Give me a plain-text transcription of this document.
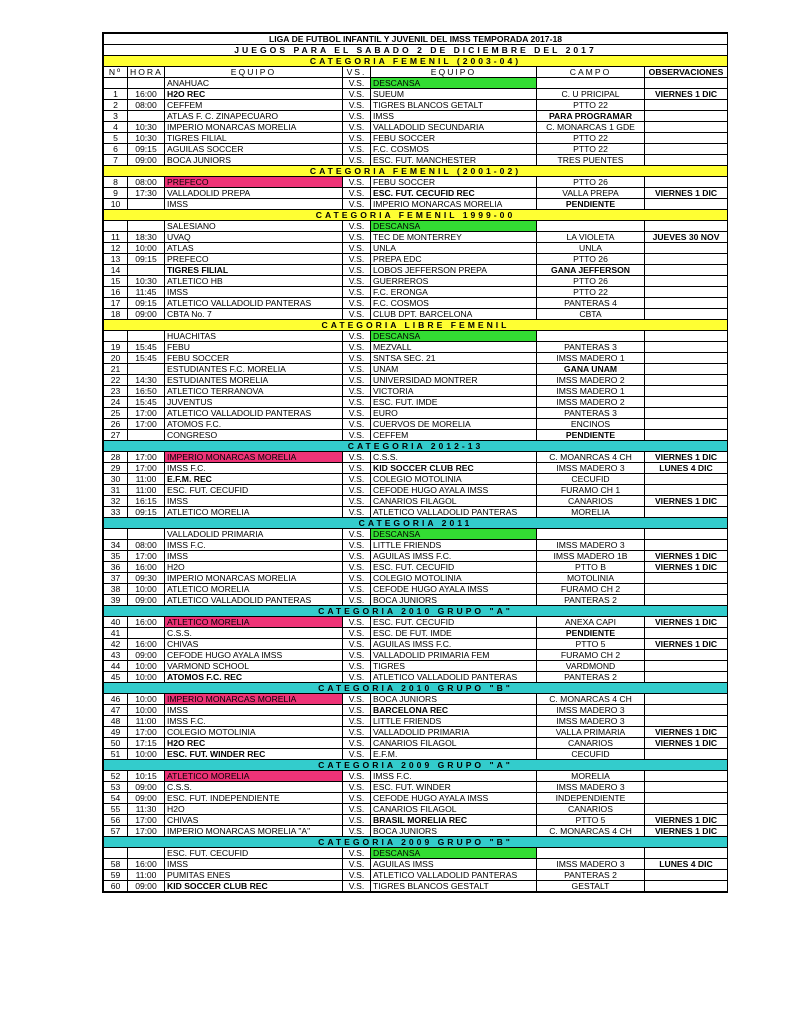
LIGA DE FUTBOL INFANTIL Y JUVENIL DEL IMSS TEMPORADA 2017-18						
JUEGOS PARA EL SABADO 2 DE DICIEMBRE DEL 2017						
CATEGORIA FEMENIL (2003-04)						
Nº	HORA	EQUIPO	VS.	EQUIPO	CAMPO	OBSERVACIONES
		ANAHUAC	V.S.	DESCANSA		
1	16:00	H2O REC	V.S.	SUEUM	C. U PRICIPAL	VIERNES 1 DIC
2	08:00	CEFFEM	V.S.	TIGRES BLANCOS GETALT	PTTO 22	
3		ATLAS F. C. ZINAPECUARO	V.S.	IMSS	PARA PROGRAMAR	
4	10:30	IMPERIO MONARCAS MORELIA	V.S.	VALLADOLID SECUNDARIA	C. MONARCAS 1 GDE	
5	10:30	TIGRES FILIAL	V.S.	FEBU SOCCER	PTTO 22	
6	09:15	AGUILAS SOCCER	V.S.	F.C. COSMOS	PTTO 22	
7	09:00	BOCA JUNIORS	V.S.	ESC. FUT. MANCHESTER	TRES PUENTES	
CATEGORIA FEMENIL (2001-02)						
8	08:00	PREFECO	V.S.	FEBU SOCCER	PTTO 26	
9	17:30	VALLADOLID PREPA	V.S.	ESC. FUT. CECUFID REC	VALLA PREPA	VIERNES 1 DIC
10		IMSS	V.S.	IMPERIO MONARCAS MORELIA	PENDIENTE	
CATEGORIA FEMENIL 1999-00						
		SALESIANO	V.S.	DESCANSA		
11	18:30	UVAQ	V.S.	TEC DE MONTERREY	LA VIOLETA	JUEVES 30 NOV
12	10:00	ATLAS	V.S.	UNLA	UNLA	
13	09:15	PREFECO	V.S.	PREPA EDC	PTTO 26	
14		TIGRES FILIAL	V.S.	LOBOS JEFFERSON PREPA	GANA JEFFERSON	
15	10:30	ATLETICO HB	V.S.	GUERREROS	PTTO 26	
16	11:45	IMSS	V.S.	F.C. ERONGA	PTTO 22	
17	09:15	ATLETICO VALLADOLID PANTERAS	V.S.	F.C. COSMOS	PANTERAS 4	
18	09:00	CBTA No. 7	V.S.	CLUB DPT. BARCELONA	CBTA	
CATEGORIA LIBRE FEMENIL						
		HUACHITAS	V.S.	DESCANSA		
19	15:45	FEBU	V.S.	MEZVALL	PANTERAS 3	
20	15:45	FEBU SOCCER	V.S.	SNTSA SEC. 21	IMSS MADERO 1	
21		ESTUDIANTES F.C. MORELIA	V.S.	UNAM	GANA UNAM	
22	14:30	ESTUDIANTES MORELIA	V.S.	UNIVERSIDAD MONTRER	IMSS MADERO 2	
23	16:50	ATLETICO TERRANOVA	V.S.	VICTORIA	IMSS MADERO 1	
24	15:45	JUVENTUS	V.S.	ESC. FUT. IMDE	IMSS MADERO 2	
25	17:00	ATLETICO VALLADOLID PANTERAS	V.S.	EURO	PANTERAS 3	
26	17:00	ATOMOS F.C.	V.S.	CUERVOS DE MORELIA	ENCINOS	
27		CONGRESO	V.S.	CEFFEM	PENDIENTE	
CATEGORIA 2012-13						
28	17:00	IMPERIO MONARCAS MORELIA	V.S.	C.S.S.	C. MOANRCAS 4 CH	VIERNES 1 DIC
29	17:00	IMSS F.C.	V.S.	KID SOCCER CLUB REC	IMSS MADERO 3	LUNES 4 DIC
30	11:00	E.F.M. REC	V.S.	COLEGIO MOTOLINIA	CECUFID	
31	11:00	ESC. FUT. CECUFID	V.S.	CEFODE HUGO AYALA IMSS	FURAMO CH 1	
32	16:15	IMSS	V.S.	CANARIOS FILAGOL	CANARIOS	VIERNES 1 DIC
33	09:15	ATLETICO MORELIA	V.S.	ATLETICO VALLADOLID PANTERAS	MORELIA	
CATEGORIA 2011						
		VALLADOLID PRIMARIA	V.S.	DESCANSA		
34	08:00	IMSS F.C.	V.S.	LITTLE FRIENDS	IMSS MADERO 3	
35	17:00	IMSS	V.S.	AGUILAS IMSS F.C.	IMSS MADERO 1B	VIERNES 1 DIC
36	16:00	H2O	V.S.	ESC. FUT. CECUFID	PTTO B	VIERNES 1 DIC
37	09:30	IMPERIO MONARCAS MORELIA	V.S.	COLEGIO MOTOLINIA	MOTOLINIA	
38	10:00	ATLETICO MORELIA	V.S.	CEFODE HUGO AYALA IMSS	FURAMO CH 2	
39	09:00	ATLETICO VALLADOLID PANTERAS	V.S.	BOCA JUNIORS	PANTERAS 2	
CATEGORIA 2010 GRUPO "A"						
40	16:00	ATLETICO MORELIA	V.S.	ESC. FUT. CECUFID	ANEXA CAPI	VIERNES 1 DIC
41		C.S.S.	V.S.	ESC. DE FUT. IMDE	PENDIENTE	
42	16:00	CHIVAS	V.S.	AGUILAS IMSS F.C.	PTTO 5	VIERNES 1 DIC
43	09:00	CEFODE HUGO AYALA IMSS	V.S.	VALLADOLID PRIMARIA FEM	FURAMO CH 2	
44	10:00	VARMOND SCHOOL	V.S.	TIGRES	VARDMOND	
45	10:00	ATOMOS F.C. REC	V.S.	ATLETICO VALLADOLID PANTERAS	PANTERAS 2	
CATEGORIA 2010 GRUPO "B"						
46	10:00	IMPERIO MONARCAS MORELIA	V.S.	BOCA JUNIORS	C. MONARCAS 4 CH	
47	10:00	IMSS	V.S.	BARCELONA REC	IMSS MADERO 3	
48	11:00	IMSS F.C.	V.S.	LITTLE FRIENDS	IMSS MADERO 3	
49	17:00	COLEGIO MOTOLINIA	V.S.	VALLADOLID PRIMARIA	VALLA PRIMARIA	VIERNES 1 DIC
50	17:15	H2O REC	V.S.	CANARIOS FILAGOL	CANARIOS	VIERNES 1 DIC
51	10:00	ESC. FUT. WINDER REC	V.S.	E.F.M.	CECUFID	
CATEGORIA 2009 GRUPO "A"						
52	10:15	ATLETICO MORELIA	V.S.	IMSS F.C.	MORELIA	
53	09:00	C.S.S.	V.S.	ESC. FUT. WINDER	IMSS MADERO 3	
54	09:00	ESC. FUT. INDEPENDIENTE	V.S.	CEFODE HUGO AYALA IMSS	INDEPENDIENTE	
55	11:30	H2O	V.S.	CANARIOS FILAGOL	CANARIOS	
56	17:00	CHIVAS	V.S.	BRASIL MORELIA REC	PTTO 5	VIERNES 1 DIC
57	17:00	IMPERIO MONARCAS MORELIA "A"	V.S.	BOCA JUNIORS	C. MONARCAS 4 CH	VIERNES 1 DIC
CATEGORIA 2009 GRUPO "B"						
		ESC. FUT. CECUFID	V.S.	DESCANSA		
58	16:00	IMSS	V.S.	AGUILAS IMSS	IMSS MADERO 3	LUNES 4 DIC
59	11:00	PUMITAS ENES	V.S.	ATLETICO VALLADOLID PANTERAS	PANTERAS 2	
60	09:00	KID SOCCER CLUB REC	V.S.	TIGRES BLANCOS GESTALT	GESTALT	
